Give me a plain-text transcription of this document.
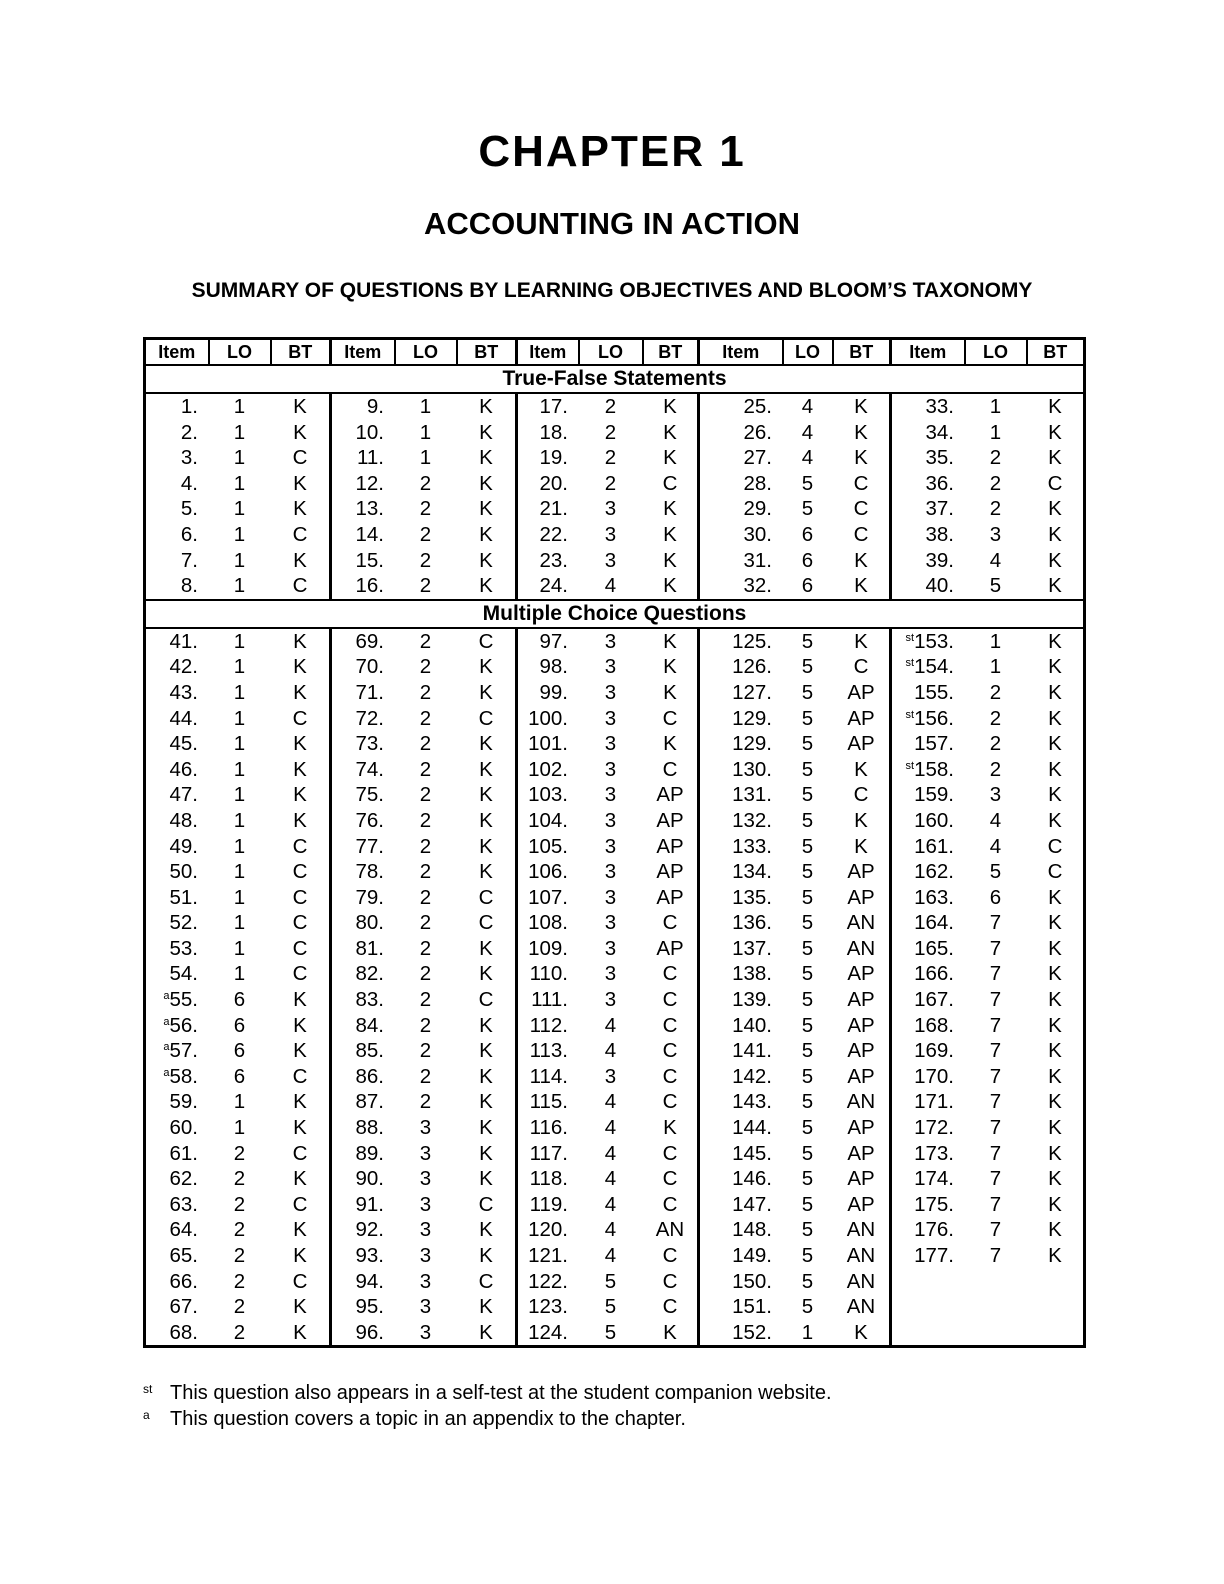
CHAPTER 1
ACCOUNTING IN ACTION
SUMMARY OF QUESTIONS BY LEARNING OBJECTIVES AND BLOOM’S TAXONOMY
Item	LO	BT	Item	LO	BT	Item	LO	BT	Item	LO	BT	Item	LO	BT
True-False Statements														
1.	1	K	9.	1	K	17.	2	K	25.	4	K	33.	1	K
2.	1	K	10.	1	K	18.	2	K	26.	4	K	34.	1	K
3.	1	C	11.	1	K	19.	2	K	27.	4	K	35.	2	K
4.	1	K	12.	2	K	20.	2	C	28.	5	C	36.	2	C
5.	1	K	13.	2	K	21.	3	K	29.	5	C	37.	2	K
6.	1	C	14.	2	K	22.	3	K	30.	6	C	38.	3	K
7.	1	K	15.	2	K	23.	3	K	31.	6	K	39.	4	K
8.	1	C	16.	2	K	24.	4	K	32.	6	K	40.	5	K
Multiple Choice Questions														
41.	1	K	69.	2	C	97.	3	K	125.	5	K	$^{st}$153.	1	K
42.	1	K	70.	2	K	98.	3	K	126.	5	C	$^{st}$154.	1	K
43.	1	K	71.	2	K	99.	3	K	127.	5	AP	155.	2	K
44.	1	C	72.	2	C	100.	3	C	129.	5	AP	$^{st}$156.	2	K
45.	1	K	73.	2	K	101.	3	K	129.	5	AP	157.	2	K
46.	1	K	74.	2	K	102.	3	C	130.	5	K	$^{st}$158.	2	K
47.	1	K	75.	2	K	103.	3	AP	131.	5	C	159.	3	K
48.	1	K	76.	2	K	104.	3	AP	132.	5	K	160.	4	K
49.	1	C	77.	2	K	105.	3	AP	133.	5	K	161.	4	C
50.	1	C	78.	2	K	106.	3	AP	134.	5	AP	162.	5	C
51.	1	C	79.	2	C	107.	3	AP	135.	5	AP	163.	6	K
52.	1	C	80.	2	C	108.	3	C	136.	5	AN	164.	7	K
53.	1	C	81.	2	K	109.	3	AP	137.	5	AN	165.	7	K
54.	1	C	82.	2	K	110.	3	C	138.	5	AP	166.	7	K
$^a$55.	6	K	83.	2	C	111.	3	C	139.	5	AP	167.	7	K
$^a$56.	6	K	84.	2	K	112.	4	C	140.	5	AP	168.	7	K
$^a$57.	6	K	85.	2	K	113.	4	C	141.	5	AP	169.	7	K
$^a$58.	6	C	86.	2	K	114.	3	C	142.	5	AP	170.	7	K
59.	1	K	87.	2	K	115.	4	C	143.	5	AN	171.	7	K
60.	1	K	88.	3	K	116.	4	K	144.	5	AP	172.	7	K
61.	2	C	89.	3	K	117.	4	C	145.	5	AP	173.	7	K
62.	2	K	90.	3	K	118.	4	C	146.	5	AP	174.	7	K
63.	2	C	91.	3	C	119.	4	C	147.	5	AP	175.	7	K
64.	2	K	92.	3	K	120.	4	AN	148.	5	AN	176.	7	K
65.	2	K	93.	3	K	121.	4	C	149.	5	AN	177.	7	K
66.	2	C	94.	3	C	122.	5	C	150.	5	AN			
67.	2	K	95.	3	K	123.	5	C	151.	5	AN			
68.	2	K	96.	3	K	124.	5	K	152.	1	K			
st This question also appears in a self-test at the student companion website.
a	This question covers a topic in an appendix to the chapter.
